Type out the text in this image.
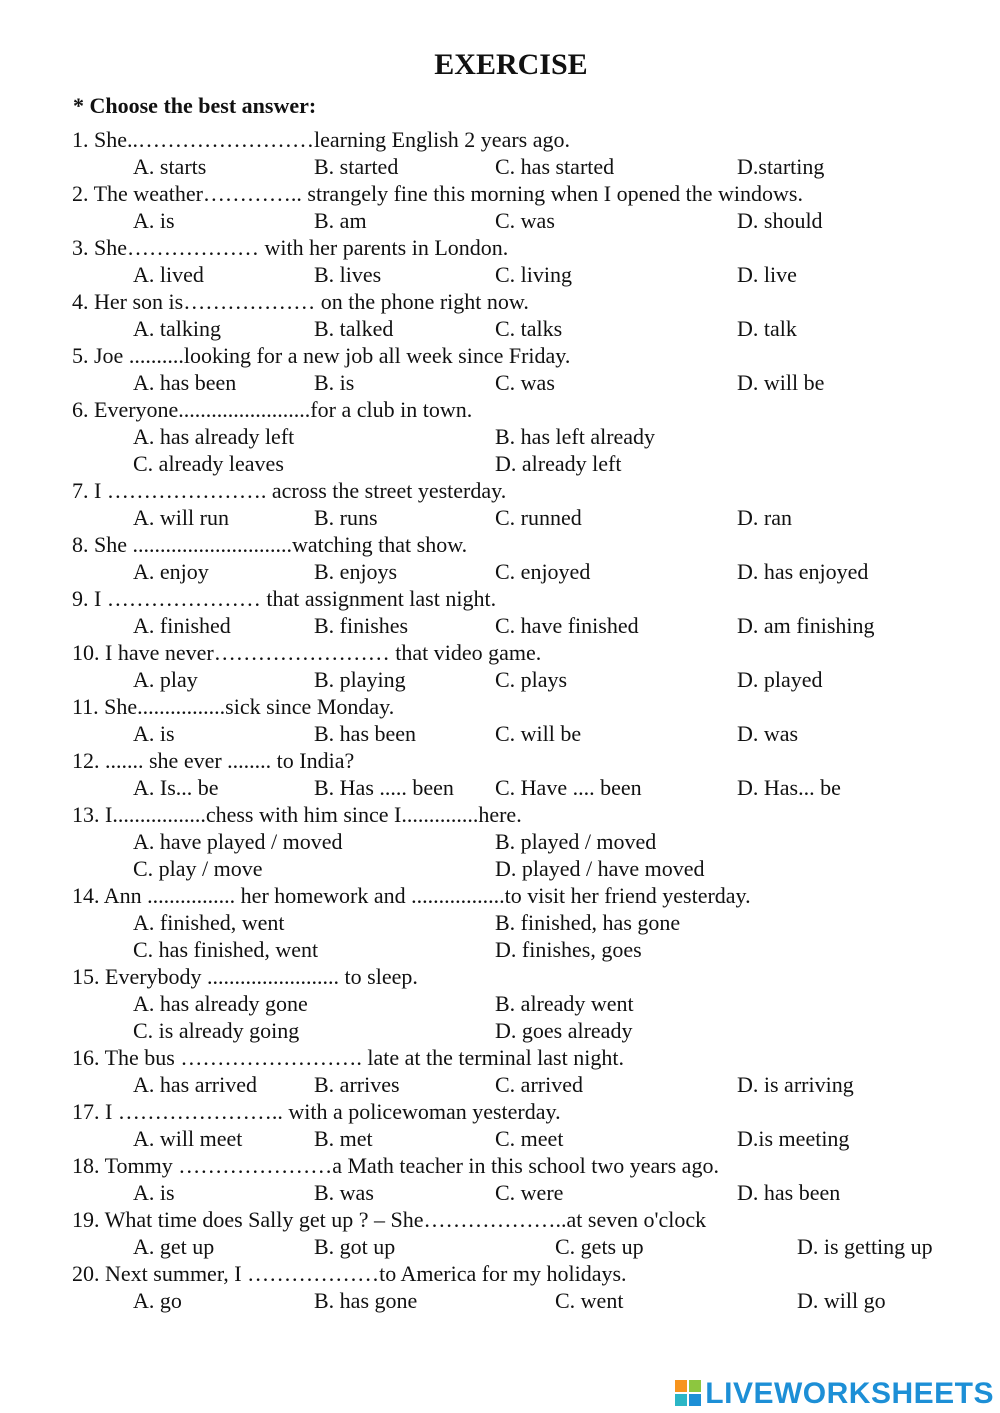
EXERCISE
* Choose the best answer:
1. She..……………………learning English 2 years ago.
A. starts	B. started	C. has started	D.starting
2. The weather………….. strangely fine this morning when I opened the windows.
A. is	B. am	C. was	D. should
3. She……………… with her parents in London.
A. lived	B. lives	C. living	D. live
4. Her son is……………… on the phone right now.
A. talking	B. talked	C. talks	D. talk
5. Joe ..........looking for a new job all week since Friday.
A. has been	B. is	C. was	D. will be
6. Everyone........................for a club in town.
A. has already left	B. has left already
C. already leaves	D. already left
7. I …………………. across the street yesterday.
A. will run	B. runs	C. runned	D. ran
8. She .............................watching that show.
A. enjoy	B. enjoys	C. enjoyed	D. has enjoyed
9. I ………………… that assignment last night.
A. finished	B. finishes	C. have finished	D. am finishing
10. I have never…………………… that video game.
A. play	B. playing	C. plays	D. played
11. She................sick since Monday.
A. is	B. has been	C. will be	D. was
12. ....... she ever ........ to India?
A. Is... be	B. Has ..... been C. Have .... been	D. Has... be
13. I.................chess with him since I..............here.
A. have played / moved	B. played / moved
C. play / move	D. played / have moved
14. Ann ................ her homework and .................to visit her friend yesterday.
A. finished, went	B. finished, has gone
C. has finished, went	D. finishes, goes
15. Everybody ........................ to sleep.
A. has already gone	B. already went
C. is already going	D. goes already
16. The bus ……………………. late at the terminal last night.
A. has arrived	B. arrives	C. arrived	D. is arriving
17. I ………………….. with a policewoman yesterday.
A. will meet	B. met	C. meet	D.is meeting
18. Tommy …………………a Math teacher in this school two years ago.
A. is	B. was	C. were	D. has been
19. What time does Sally get up ? – She………………..at seven o'clock
A. get up	B. got up	C. gets up	D. is getting up
20. Next summer, I ………………to America for my holidays.
A. go	B. has gone	C. went	D. will go
LIVEWORKSHEETS
